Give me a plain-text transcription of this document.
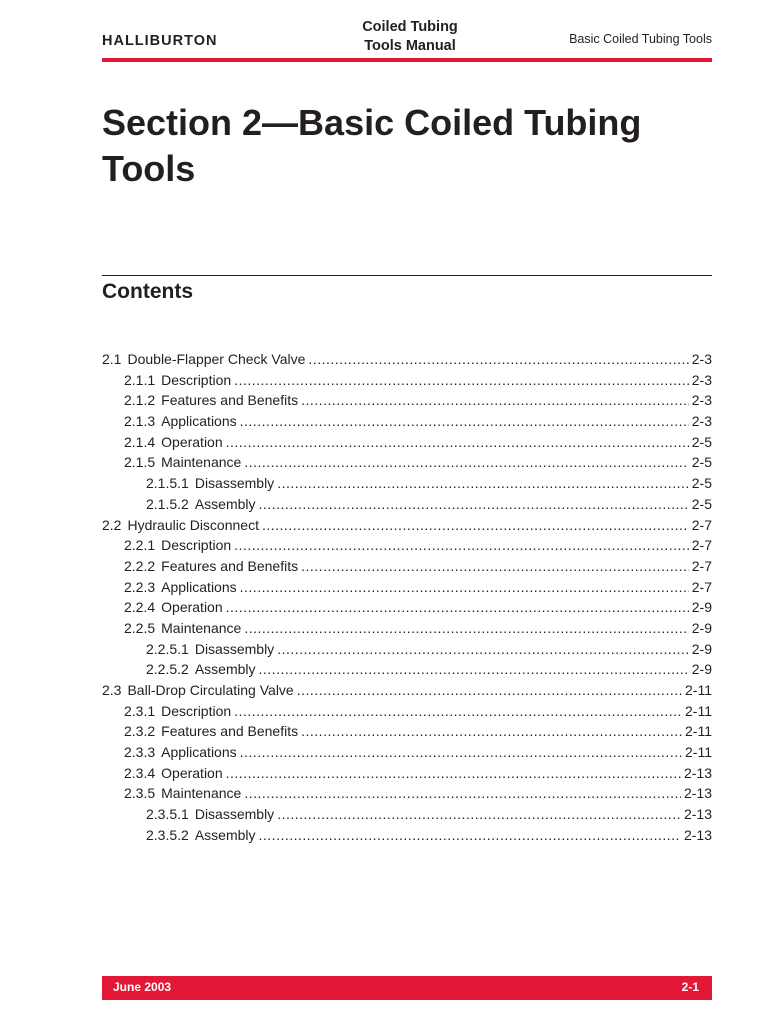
HALLIBURTON
Coiled Tubing
Tools Manual	Basic Coiled Tubing Tools
Section 2—Basic Coiled Tubing Tools
Contents
2.1 Double-Flapper Check Valve .....	2-3
2.1.1 Description .....	2-3
2.1.2 Features and Benefits .....	2-3
2.1.3 Applications .....	2-3
2.1.4 Operation .....	2-5
2.1.5 Maintenance .....	2-5
2.1.5.1 Disassembly .....	2-5
2.1.5.2 Assembly .....	2-5
2.2 Hydraulic Disconnect .....	2-7
2.2.1 Description .....	2-7
2.2.2 Features and Benefits .....	2-7
2.2.3 Applications .....	2-7
2.2.4 Operation .....	2-9
2.2.5 Maintenance .....	2-9
2.2.5.1 Disassembly .....	2-9
2.2.5.2 Assembly .....	2-9
2.3 Ball-Drop Circulating Valve .....	2-11
2.3.1 Description .....	2-11
2.3.2 Features and Benefits .....	2-11
2.3.3 Applications .....	2-11
2.3.4 Operation .....	2-13
2.3.5 Maintenance .....	2-13
2.3.5.1 Disassembly .....	2-13
2.3.5.2 Assembly .....	2-13
June 2003	2-1
